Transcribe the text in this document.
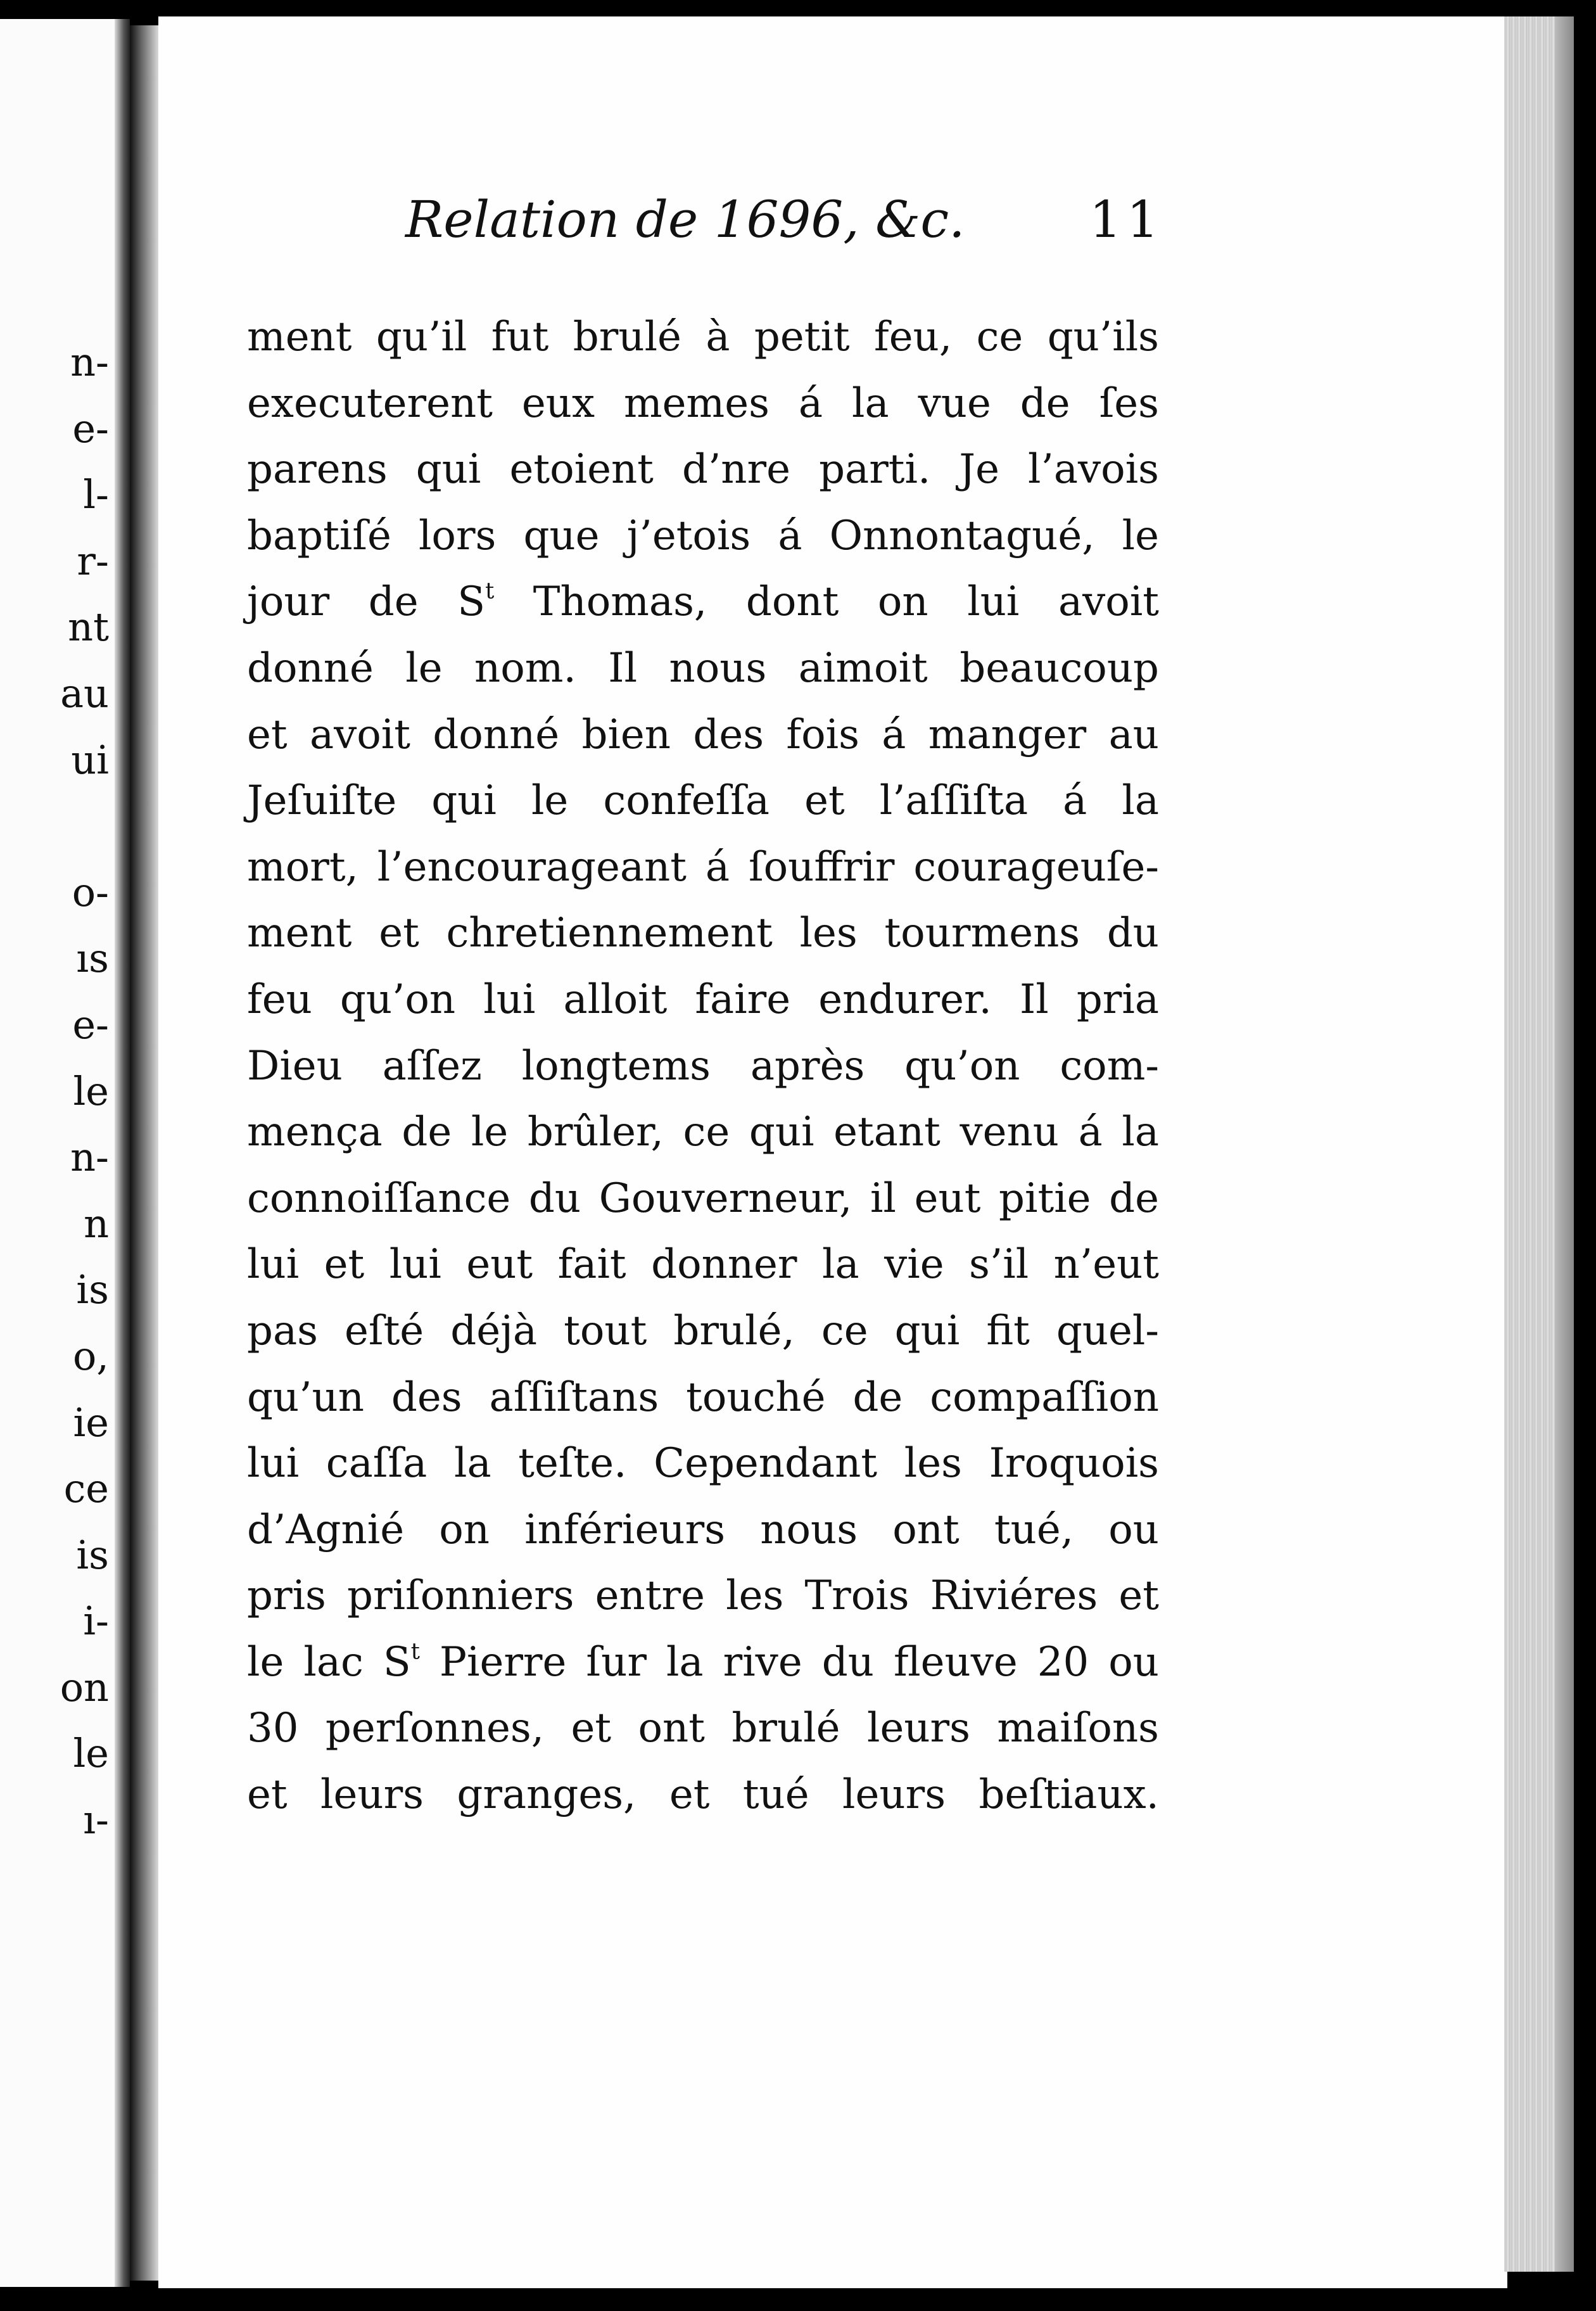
n-
e-
l-
r-
nt
au
ui
o-
ıs
e-
le
n-
n
is
o,
ie
ce
is
i-
on
le
ı-
Relation de 1696, &c. 11
ment qu’il fut brulé à petit feu, ce qu’ils
executerent eux memes á la vue de ſes
parens qui etoient d’nre parti. Je l’avois
baptiſé lors que j’etois á Onnontagué, le
jour de $S^t$ Thomas, dont on lui avoit
donné le nom. Il nous aimoit beaucoup
et avoit donné bien des fois á manger au
Jeſuiſte qui le confeſſa et l’aſſiſta á la
mort, l’encourageant á ſouffrir courageuſe-
ment et chretiennement les tourmens du
feu qu’on lui alloit faire endurer. Il pria
Dieu aſſez longtems après qu’on com-
mença de le brûler, ce qui etant venu á la
connoiſſance du Gouverneur, il eut pitie de
lui et lui eut fait donner la vie s’il n’eut
pas eſté déjà tout brulé, ce qui fit quel-
qu’un des aſſiſtans touché de compaſſion
lui caſſa la teſte. Cependant les Iroquois
d’Agnié on inférieurs nous ont tué, ou
pris priſonniers entre les Trois Riviéres et
le lac $S^t$ Pierre ſur la rive du fleuve 20 ou
30 perſonnes, et ont brulé leurs maiſons
et leurs granges, et tué leurs beſtiaux.
